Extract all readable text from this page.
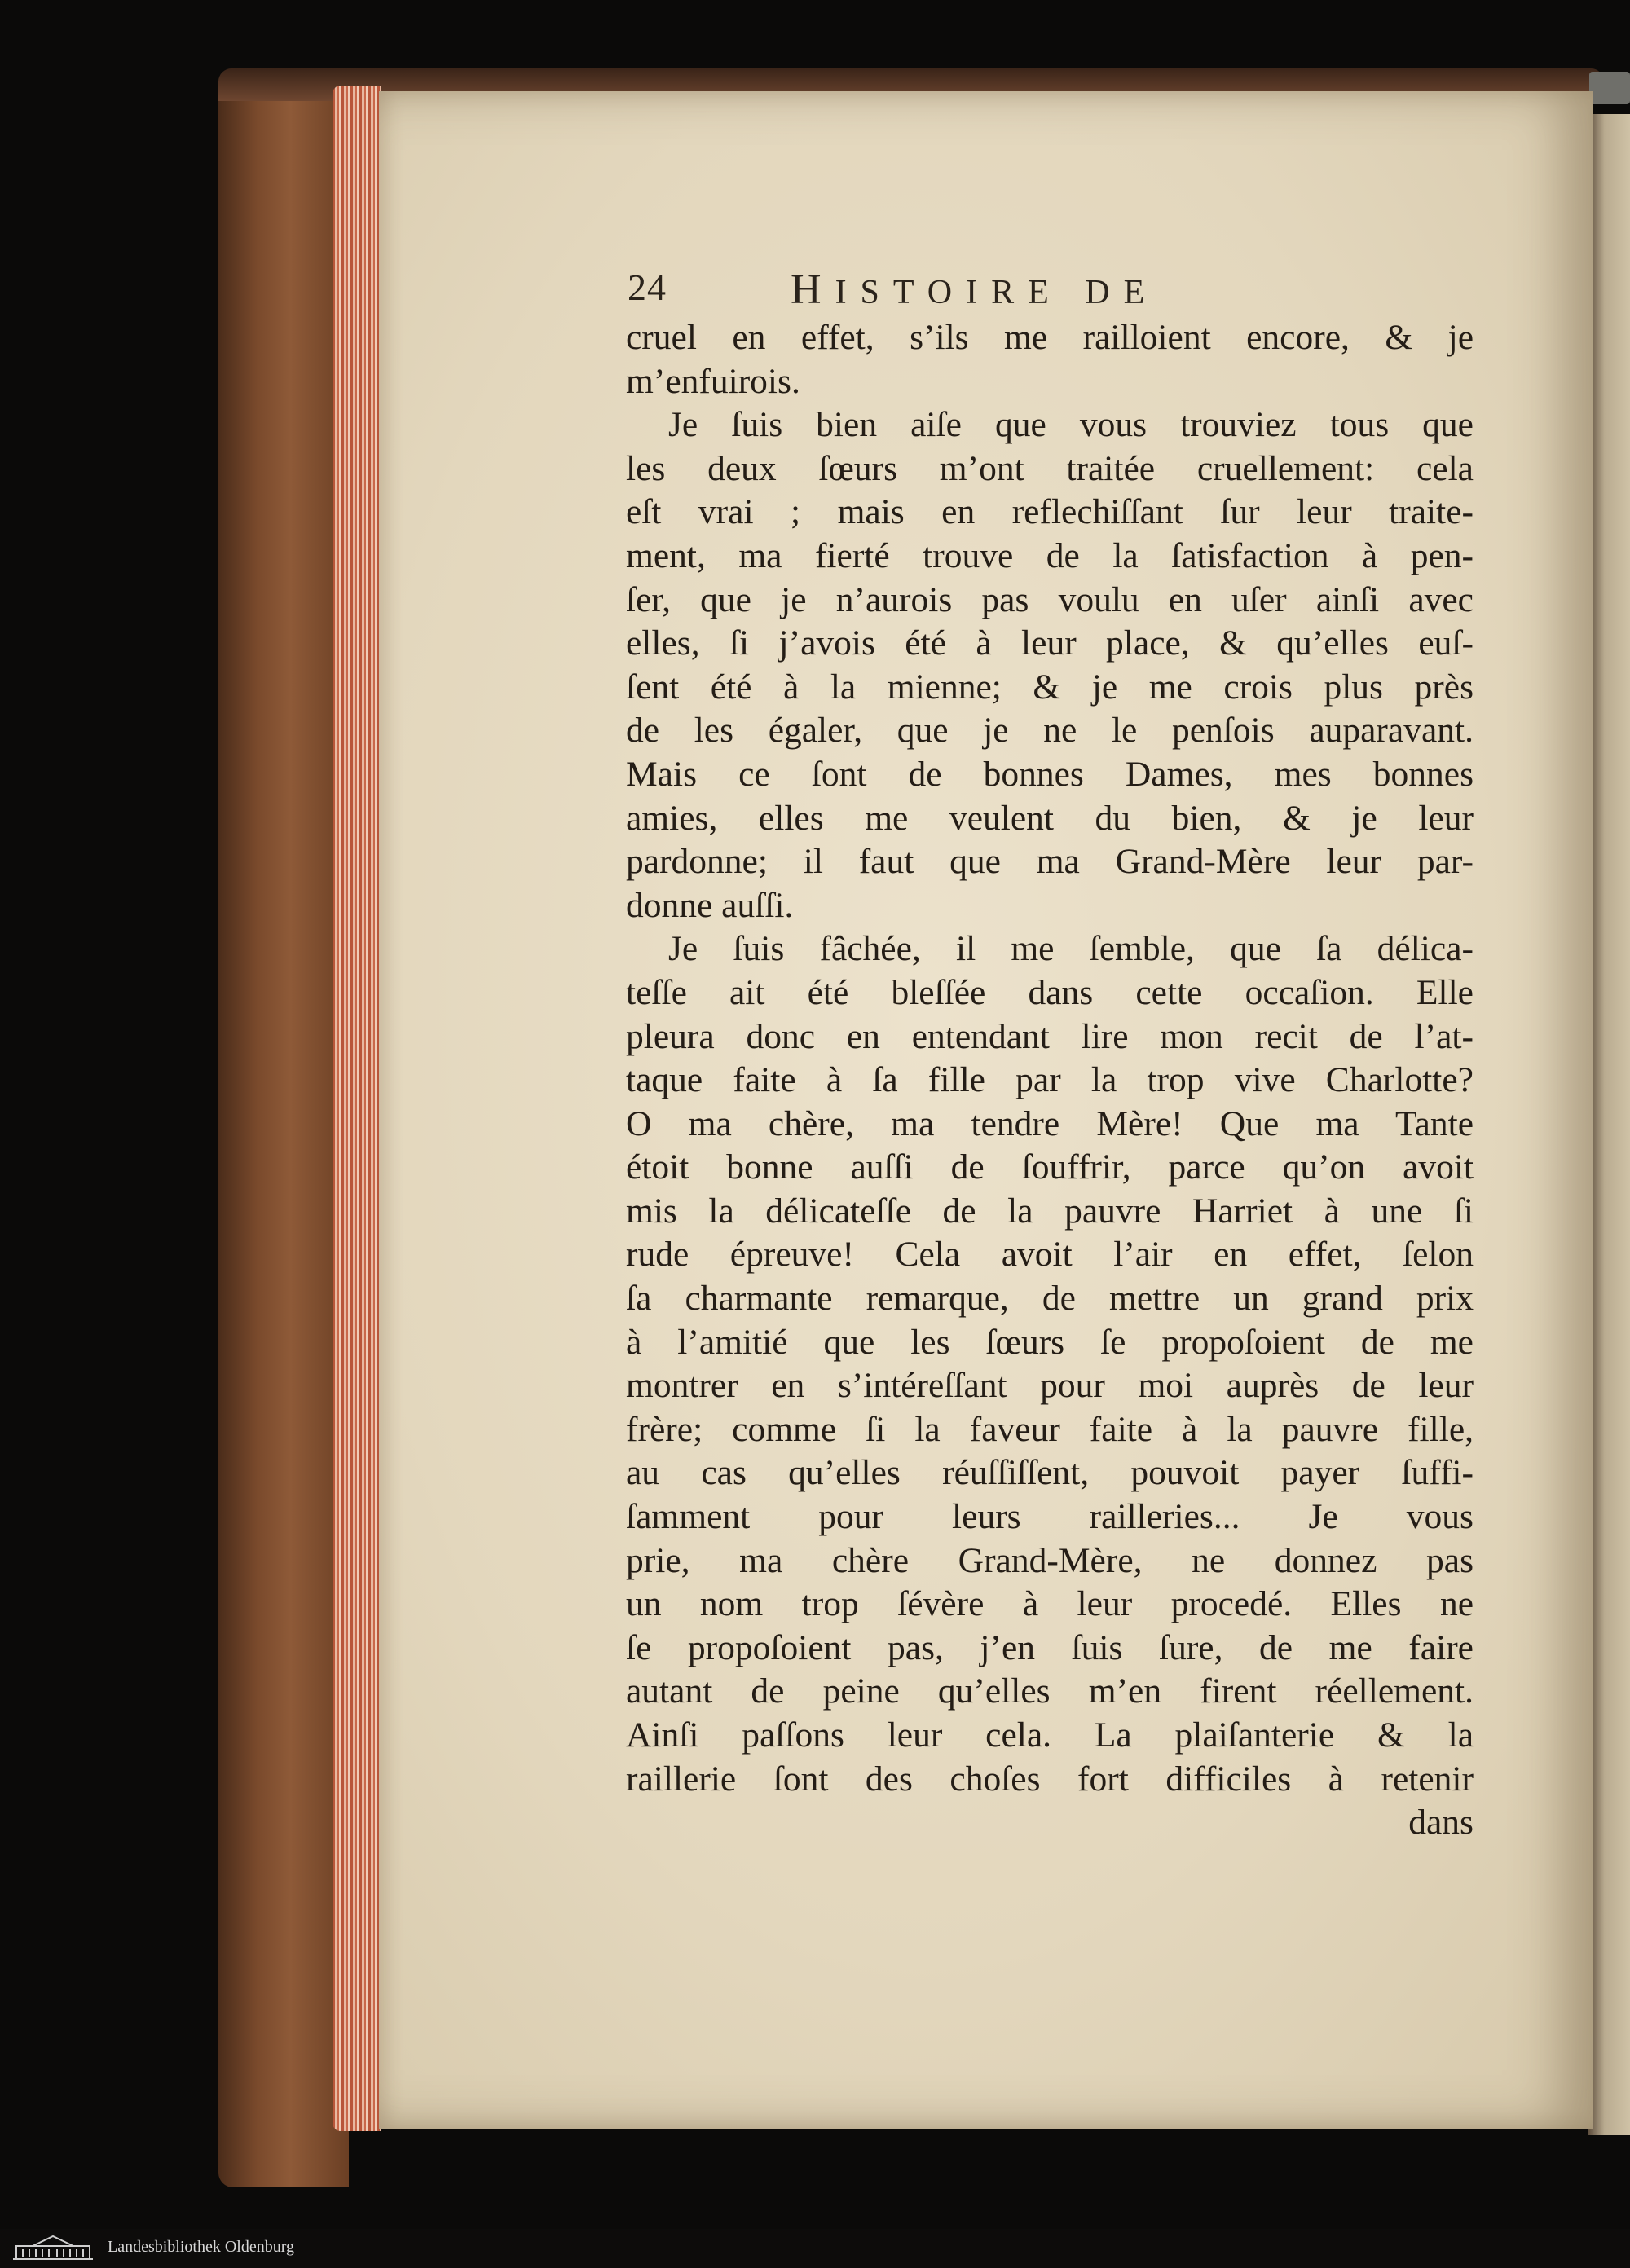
24	HISTOIRE DE
cruel en effet, s’ils me railloient encore, & je
m’enfuirois.
Je ſuis bien aiſe que vous trouviez tous que
les deux ſœurs m’ont traitée cruellement: cela
eſt vrai ; mais en reflechiſſant ſur leur traite-
ment, ma fierté trouve de la ſatisfaction à pen-
ſer, que je n’aurois pas voulu en uſer ainſi avec
elles, ſi j’avois été à leur place, & qu’elles euſ-
ſent été à la mienne; & je me crois plus près
de les égaler, que je ne le penſois auparavant.
Mais ce ſont de bonnes Dames, mes bonnes
amies, elles me veulent du bien, & je leur
pardonne; il faut que ma Grand-Mère leur par-
donne auſſi.
Je ſuis fâchée, il me ſemble, que ſa délica-
teſſe ait été bleſſée dans cette occaſion. Elle
pleura donc en entendant lire mon recit de l’at-
taque faite à ſa fille par la trop vive Charlotte?
O ma chère, ma tendre Mère! Que ma Tante
étoit bonne auſſi de ſouffrir, parce qu’on avoit
mis la délicateſſe de la pauvre Harriet à une ſi
rude épreuve! Cela avoit l’air en effet, ſelon
ſa charmante remarque, de mettre un grand prix
à l’amitié que les ſœurs ſe propoſoient de me
montrer en s’intéreſſant pour moi auprès de leur
frère; comme ſi la faveur faite à la pauvre fille,
au cas qu’elles réuſſiſſent, pouvoit payer ſuffi-
ſamment pour leurs railleries... Je vous
prie, ma chère Grand-Mère, ne donnez pas
un nom trop ſévère à leur procedé. Elles ne
ſe propoſoient pas, j’en ſuis ſure, de me faire
autant de peine qu’elles m’en firent réellement.
Ainſi paſſons leur cela. La plaiſanterie & la
raillerie ſont des choſes fort difficiles à retenir
dans
Landesbibliothek Oldenburg
